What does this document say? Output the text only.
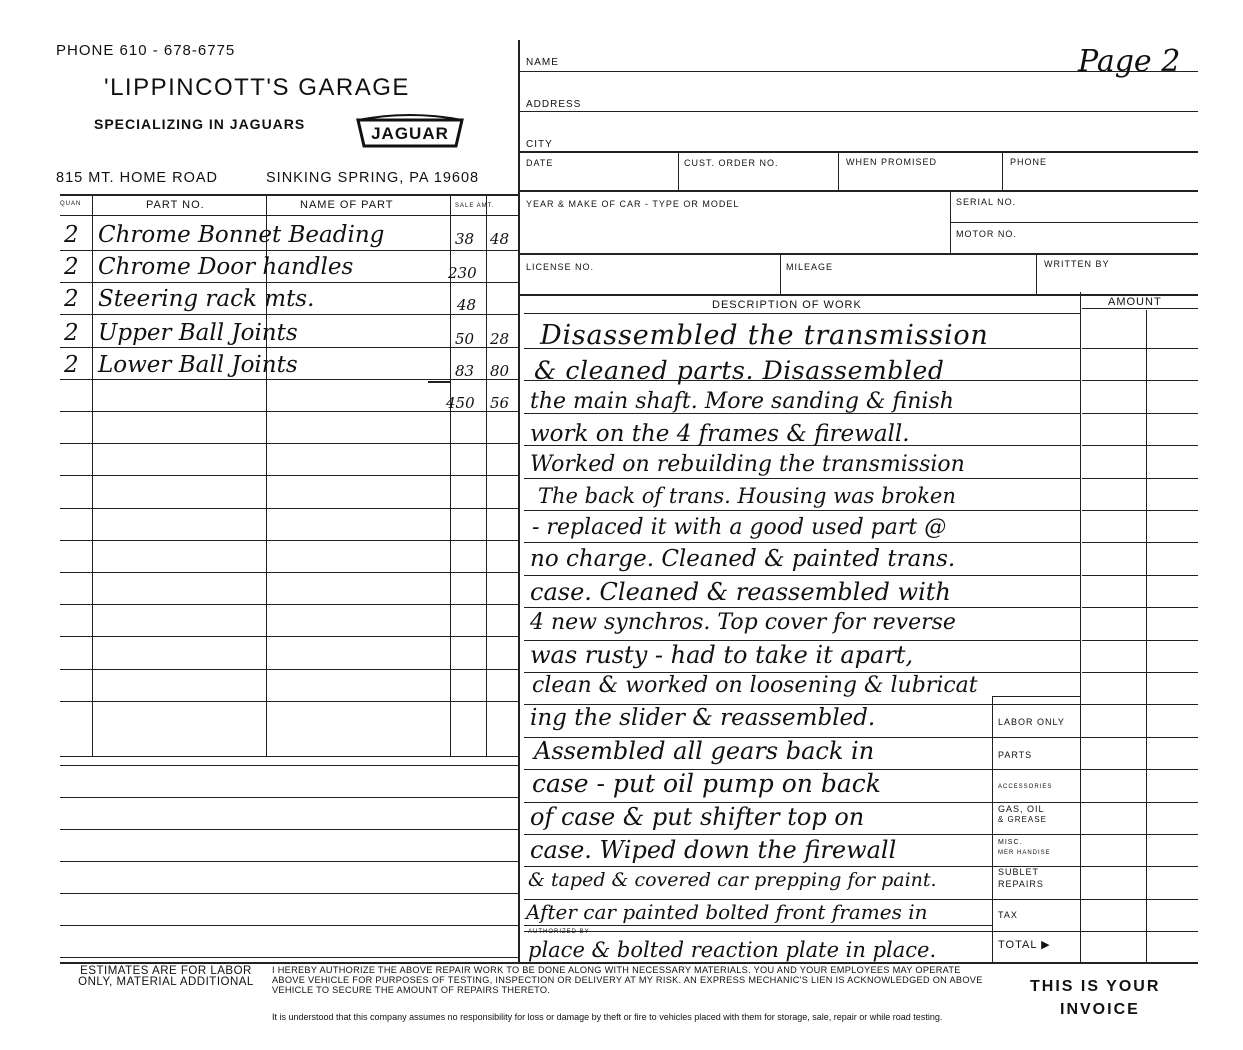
PHONE 610 - 678-6775
'LIPPINCOTT'S GARAGE
SPECIALIZING IN JAGUARS	JAGUAR
815 MT. HOME ROAD	SINKING SPRING, PA 19608
QUAN	PART NO.	NAME OF PART	SALE AMT.
2 Chrome Bonnet Beading	38 48
2 Chrome Door handles	230
2 Steering rack mts.	48
2 Upper Ball Joints	50 28
2 Lower Ball Joints	83 80
450 56
NAME	Page 2
ADDRESS
CITY
DATE	CUST. ORDER NO.	WHEN PROMISED	PHONE
YEAR & MAKE OF CAR - TYPE OR MODEL	SERIAL NO.
MOTOR NO.
LICENSE NO.	MILEAGE	WRITTEN BY
DESCRIPTION OF WORK	AMOUNT
LABOR ONLY
PARTS
ACCESSORIES
GAS, OIL
& GREASE
MISC.
MER HANDISE
SUBLET
REPAIRS
TAX
TOTAL ▶
AUTHORIZED BY
Disassembled the transmission
& cleaned parts. Disassembled
the main shaft. More sanding & finish
work on the 4 frames & firewall.
Worked on rebuilding the transmission
The back of trans. Housing was broken
- replaced it with a good used part @
no charge. Cleaned & painted trans.
case. Cleaned & reassembled with
4 new synchros. Top cover for reverse
was rusty - had to take it apart,
clean & worked on loosening & lubricat
ing the slider & reassembled.
Assembled all gears back in
case - put oil pump on back
of case & put shifter top on
case. Wiped down the firewall
& taped & covered car prepping for paint.
After car painted bolted front frames in
place & bolted reaction plate in place.
ESTIMATES ARE FOR LABOR ONLY, MATERIAL ADDITIONAL
I HEREBY AUTHORIZE THE ABOVE REPAIR WORK TO BE DONE ALONG WITH NECESSARY MATERIALS. YOU AND YOUR EMPLOYEES MAY OPERATE ABOVE VEHICLE FOR PURPOSES OF TESTING, INSPECTION OR DELIVERY AT MY RISK. AN EXPRESS MECHANIC'S LIEN IS ACKNOWLEDGED ON ABOVE VEHICLE TO SECURE THE AMOUNT OF REPAIRS THERETO.
It is understood that this company assumes no responsibility for loss or damage by theft or fire to vehicles placed with them for storage, sale, repair or while road testing.
THIS IS YOUR
INVOICE
